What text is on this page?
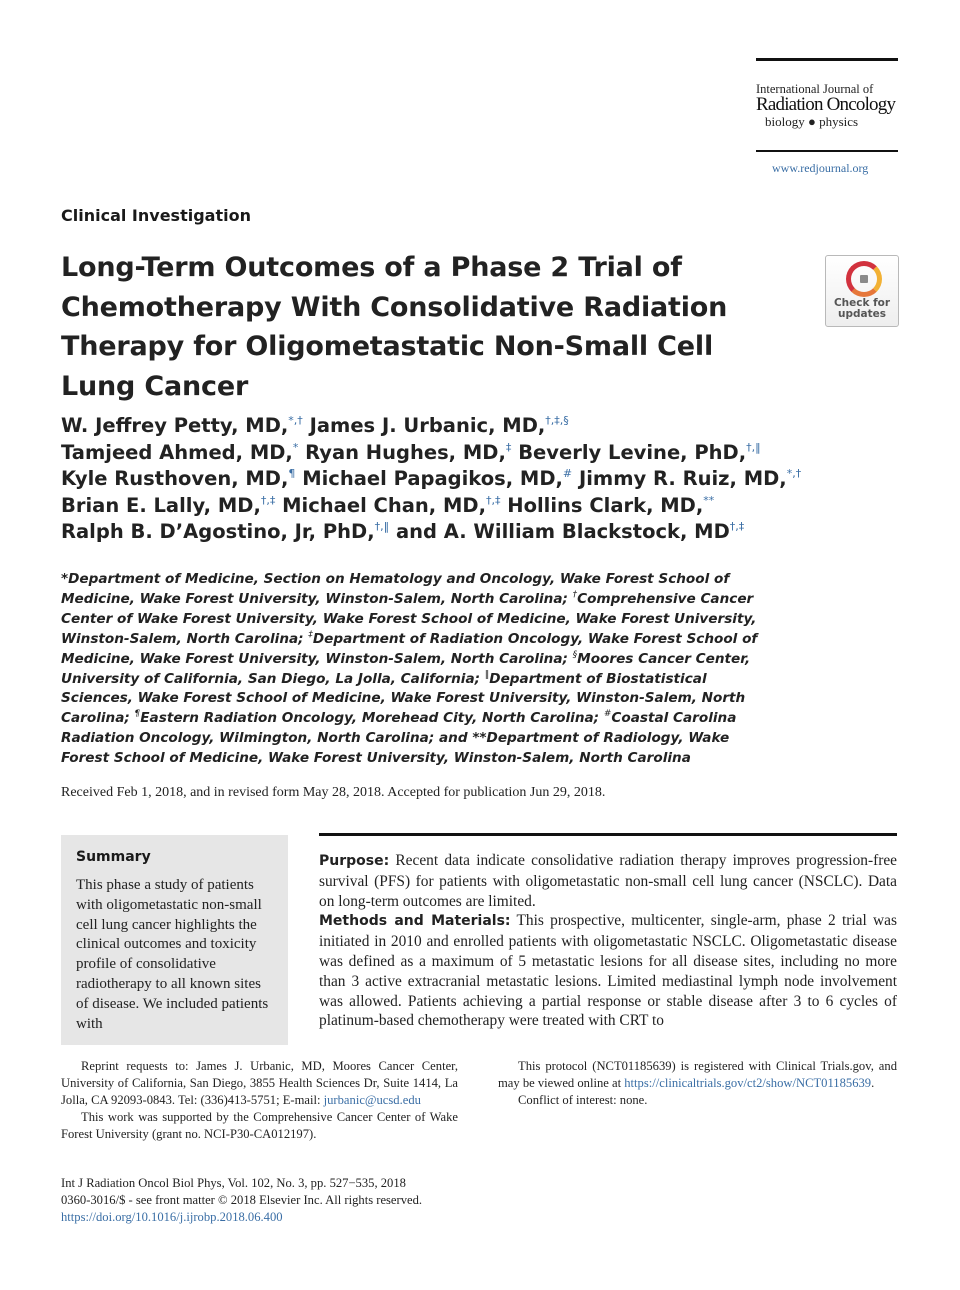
International Journal of
Radiation Oncology
biology ● physics
www.redjournal.org
Clinical Investigation
Long-Term Outcomes of a Phase 2 Trial of Chemotherapy With Consolidative Radiation Therapy for Oligometastatic Non-Small Cell Lung Cancer
Check for
updates
W. Jeffrey Petty, MD,*,† James J. Urbanic, MD,†,‡,§
Tamjeed Ahmed, MD,* Ryan Hughes, MD,‡ Beverly Levine, PhD,†,‖
Kyle Rusthoven, MD,¶ Michael Papagikos, MD,# Jimmy R. Ruiz, MD,*,†
Brian E. Lally, MD,†,‡ Michael Chan, MD,†,‡ Hollins Clark, MD,**
Ralph B. D’Agostino, Jr, PhD,†,‖ and A. William Blackstock, MD†,‡
*Department of Medicine, Section on Hematology and Oncology, Wake Forest School of Medicine, Wake Forest University, Winston-Salem, North Carolina; †Comprehensive Cancer Center of Wake Forest University, Wake Forest School of Medicine, Wake Forest University, Winston-Salem, North Carolina; ‡Department of Radiation Oncology, Wake Forest School of Medicine, Wake Forest University, Winston-Salem, North Carolina; §Moores Cancer Center, University of California, San Diego, La Jolla, California; ‖Department of Biostatistical Sciences, Wake Forest School of Medicine, Wake Forest University, Winston-Salem, North Carolina; ¶Eastern Radiation Oncology, Morehead City, North Carolina; #Coastal Carolina Radiation Oncology, Wilmington, North Carolina; and **Department of Radiology, Wake Forest School of Medicine, Wake Forest University, Winston-Salem, North Carolina
Received Feb 1, 2018, and in revised form May 28, 2018. Accepted for publication Jun 29, 2018.
Summary
This phase a study of patients with oligometastatic non-small cell lung cancer highlights the clinical outcomes and toxicity profile of consolidative radiotherapy to all known sites of disease. We included patients with
Purpose: Recent data indicate consolidative radiation therapy improves progression-free survival (PFS) for patients with oligometastatic non-small cell lung cancer (NSCLC). Data on long-term outcomes are limited.
Methods and Materials: This prospective, multicenter, single-arm, phase 2 trial was initiated in 2010 and enrolled patients with oligometastatic NSCLC. Oligometastatic disease was defined as a maximum of 5 metastatic lesions for all disease sites, including no more than 3 active extracranial metastatic lesions. Limited mediastinal lymph node involvement was allowed. Patients achieving a partial response or stable disease after 3 to 6 cycles of platinum-based chemotherapy were treated with CRT to
Reprint requests to: James J. Urbanic, MD, Moores Cancer Center, University of California, San Diego, 3855 Health Sciences Dr, Suite 1414, La Jolla, CA 92093-0843. Tel: (336)413-5751; E-mail: jurbanic@ucsd.edu
This work was supported by the Comprehensive Cancer Center of Wake Forest University (grant no. NCI-P30-CA012197).
This protocol (NCT01185639) is registered with Clinical Trials.gov, and may be viewed online at https://clinicaltrials.gov/ct2/show/NCT01185639.
Conflict of interest: none.
Int J Radiation Oncol Biol Phys, Vol. 102, No. 3, pp. 527−535, 2018
0360-3016/$ - see front matter © 2018 Elsevier Inc. All rights reserved.
https://doi.org/10.1016/j.ijrobp.2018.06.400
